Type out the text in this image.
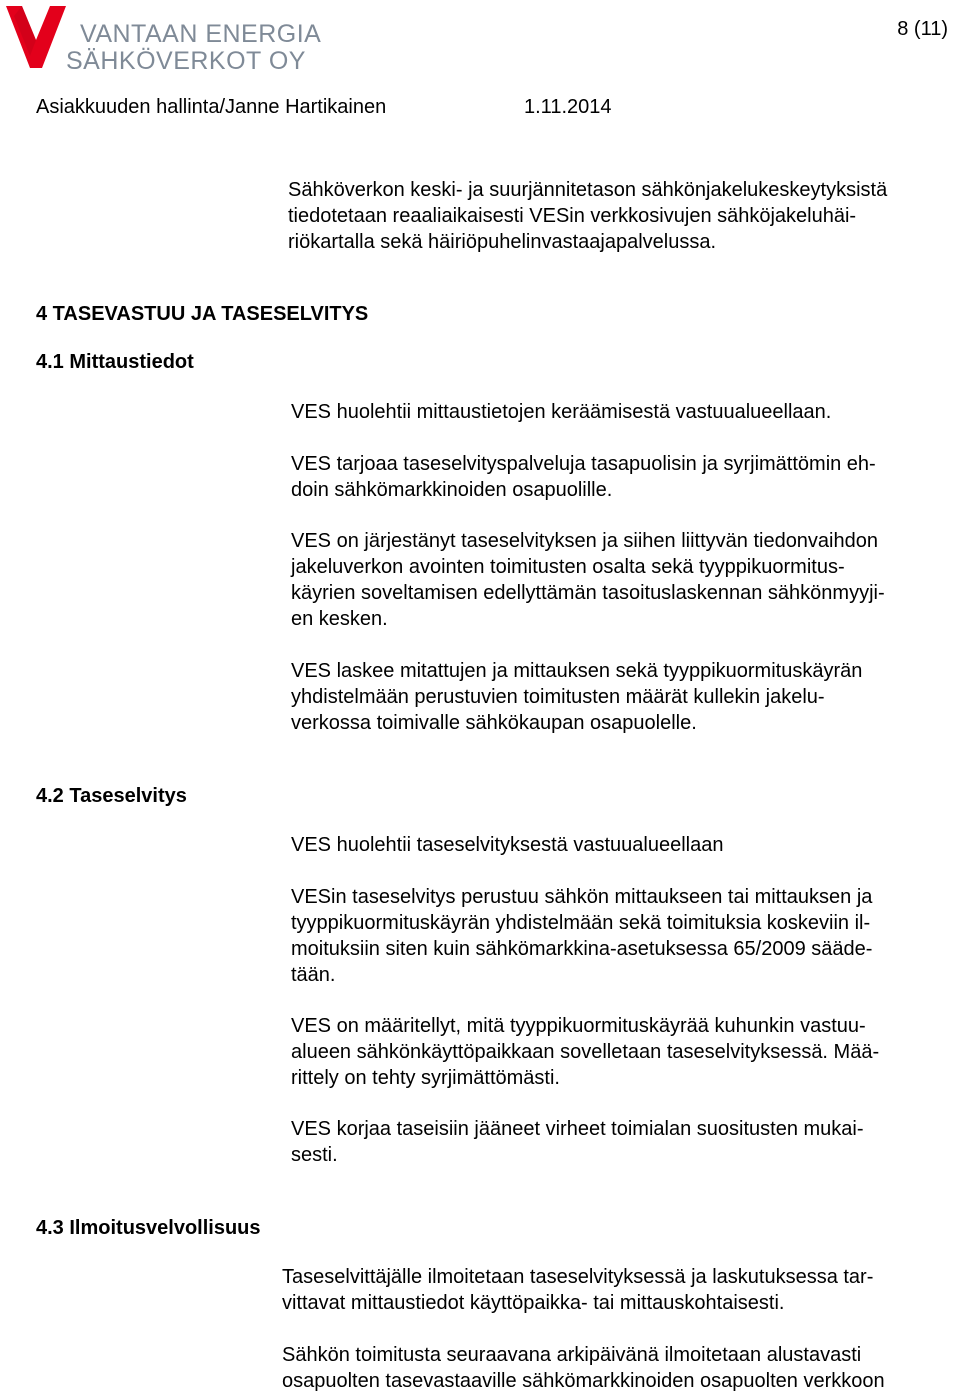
VANTAAN ENERGIA
SÄHKÖVERKOT OY
8 (11)
Asiakkuuden hallinta/Janne Hartikainen	1.11.2014

Sähköverkon keski- ja suurjännitetason sähkönjakelukeskeytyksistä
tiedotetaan reaaliaikaisesti VESin verkkosivujen sähköjakeluhäi-
riökartalla sekä häiriöpuhelinvastaajapalvelussa.

4 TASEVASTUU JA TASESELVITYS
4.1 Mittaustiedot

VES huolehtii mittaustietojen keräämisestä vastuualueellaan.

VES tarjoaa taseselvityspalveluja tasapuolisin ja syrjimättömin eh-
doin sähkömarkkinoiden osapuolille.

VES on järjestänyt taseselvityksen ja siihen liittyvän tiedonvaihdon
jakeluverkon avointen toimitusten osalta sekä tyyppikuormitus-
käyrien soveltamisen edellyttämän tasoituslaskennan sähkönmyyji-
en kesken.

VES laskee mitattujen ja mittauksen sekä tyyppikuormituskäyrän
yhdistelmään perustuvien toimitusten määrät kullekin jakelu-
verkossa toimivalle sähkökaupan osapuolelle.

4.2 Taseselvitys

VES huolehtii taseselvityksestä vastuualueellaan

VESin taseselvitys perustuu sähkön mittaukseen tai mittauksen ja
tyyppikuormituskäyrän yhdistelmään sekä toimituksia koskeviin il-
moituksiin siten kuin sähkömarkkina-asetuksessa 65/2009 sääde-
tään.

VES on määritellyt, mitä tyyppikuormituskäyrää kuhunkin vastuu-
alueen sähkönkäyttöpaikkaan sovelletaan taseselvityksessä. Mää-
rittely on tehty syrjimättömästi.

VES korjaa taseisiin jääneet virheet toimialan suositusten mukai-
sesti.

4.3 Ilmoitusvelvollisuus

Taseselvittäjälle ilmoitetaan taseselvityksessä ja laskutuksessa tar-
vittavat mittaustiedot käyttöpaikka- tai mittauskohtaisesti.

Sähkön toimitusta seuraavana arkipäivänä ilmoitetaan alustavasti
osapuolten tasevastaaville sähkömarkkinoiden osapuolten verkkoon
